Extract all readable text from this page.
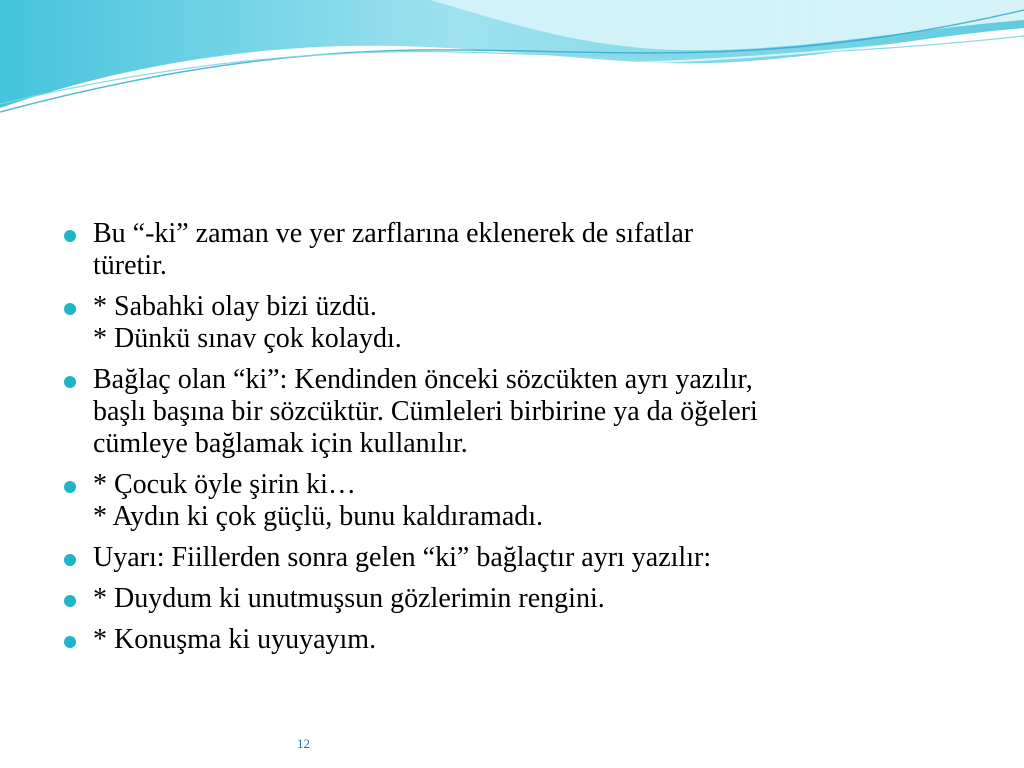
Bu “-ki” zaman ve yer zarflarına eklenerek de sıfatlar
türetir.
* Sabahki olay bizi üzdü.
* Dünkü sınav çok kolaydı.
Bağlaç olan “ki”: Kendinden önceki sözcükten ayrı yazılır,
başlı başına bir sözcüktür. Cümleleri birbirine ya da öğeleri
cümleye bağlamak için kullanılır.
* Çocuk öyle şirin ki…
* Aydın ki çok güçlü, bunu kaldıramadı.
Uyarı: Fiillerden sonra gelen “ki” bağlaçtır ayrı yazılır:
* Duydum ki unutmuşsun gözlerimin rengini.
* Konuşma ki uyuyayım.
12
